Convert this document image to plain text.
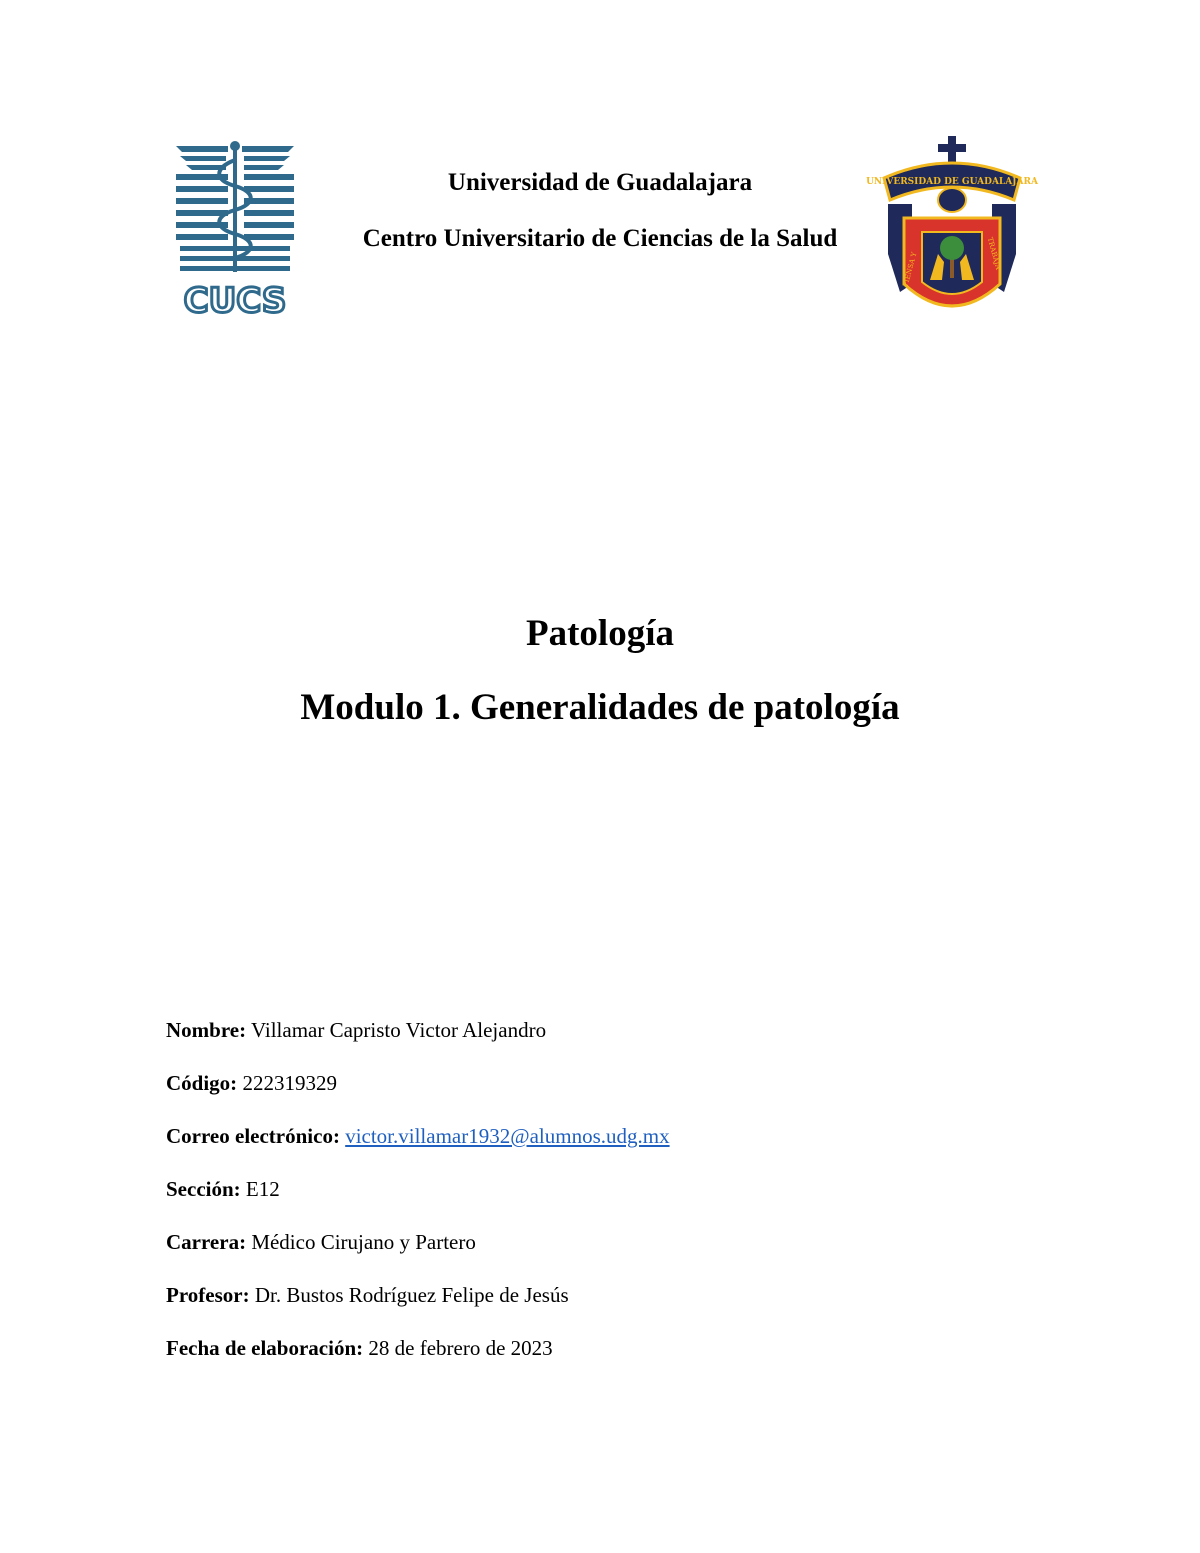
CUCS
UNIVERSIDAD DE GUADALAJARA
PIENSA Y	TRABAJA
Universidad de Guadalajara
Centro Universitario de Ciencias de la Salud
Patología
Modulo 1. Generalidades de patología
Nombre: Villamar Capristo Victor Alejandro
Código: 222319329
Correo electrónico: victor.villamar1932@alumnos.udg.mx
Sección: E12
Carrera: Médico Cirujano y Partero
Profesor: Dr. Bustos Rodríguez Felipe de Jesús
Fecha de elaboración: 28 de febrero de 2023
